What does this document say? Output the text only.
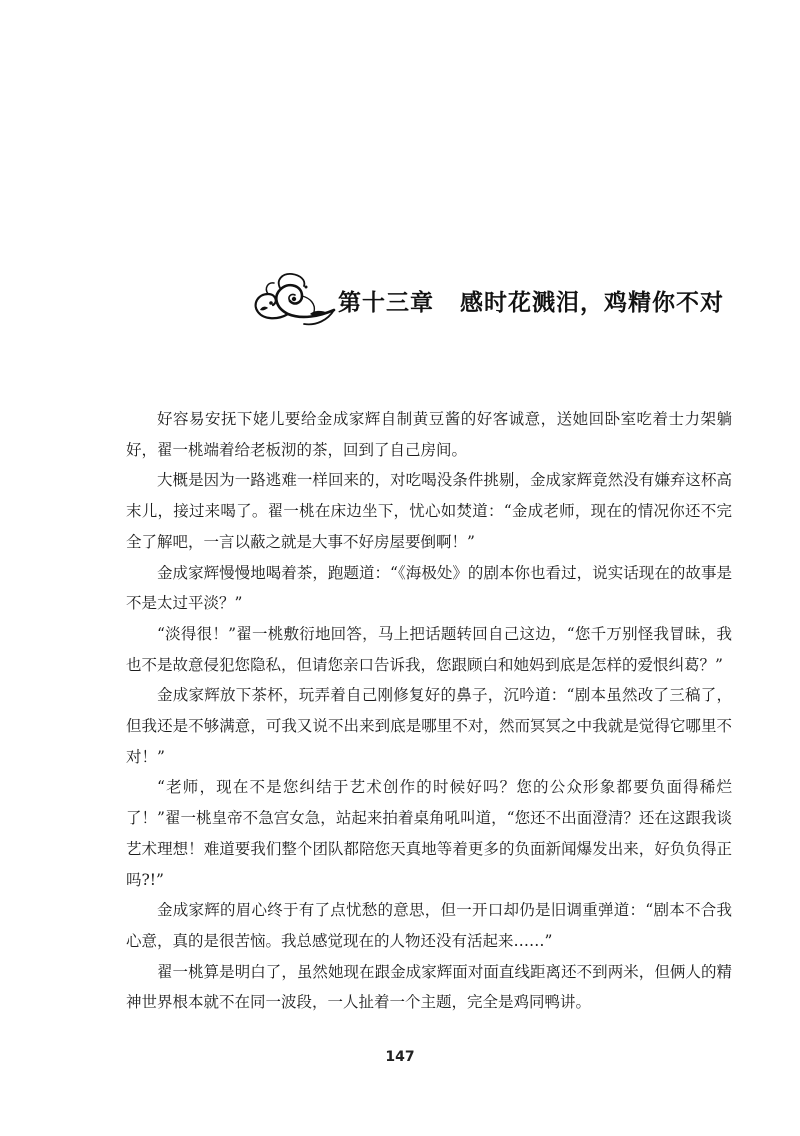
第十三章 感时花溅泪，鸡精你不对

好容易安抚下姥儿要给金成家辉自制黄豆酱的好客诚意，送她回卧室吃着士力架躺好，翟一桃端着给老板沏的茶，回到了自己房间。

大概是因为一路逃难一样回来的，对吃喝没条件挑剔，金成家辉竟然没有嫌弃这杯高末儿，接过来喝了。翟一桃在床边坐下，忧心如焚道：“金成老师，现在的情况你还不完全了解吧，一言以蔽之就是大事不好房屋要倒啊！”

金成家辉慢慢地喝着茶，跑题道：“《海极处》的剧本你也看过，说实话现在的故事是不是太过平淡？”

“淡得很！”翟一桃敷衍地回答，马上把话题转回自己这边，“您千万别怪我冒昧，我也不是故意侵犯您隐私，但请您亲口告诉我，您跟顾白和她妈到底是怎样的爱恨纠葛？”

金成家辉放下茶杯，玩弄着自己刚修复好的鼻子，沉吟道：“剧本虽然改了三稿了，但我还是不够满意，可我又说不出来到底是哪里不对，然而冥冥之中我就是觉得它哪里不对！”

“老师，现在不是您纠结于艺术创作的时候好吗？您的公众形象都要负面得稀烂了！”翟一桃皇帝不急宫女急，站起来拍着桌角吼叫道，“您还不出面澄清？还在这跟我谈艺术理想！难道要我们整个团队都陪您天真地等着更多的负面新闻爆发出来，好负负得正吗?!”

金成家辉的眉心终于有了点忧愁的意思，但一开口却仍是旧调重弹道：“剧本不合我心意，真的是很苦恼。我总感觉现在的人物还没有活起来……”

翟一桃算是明白了，虽然她现在跟金成家辉面对面直线距离还不到两米，但俩人的精神世界根本就不在同一波段，一人扯着一个主题，完全是鸡同鸭讲。

147
